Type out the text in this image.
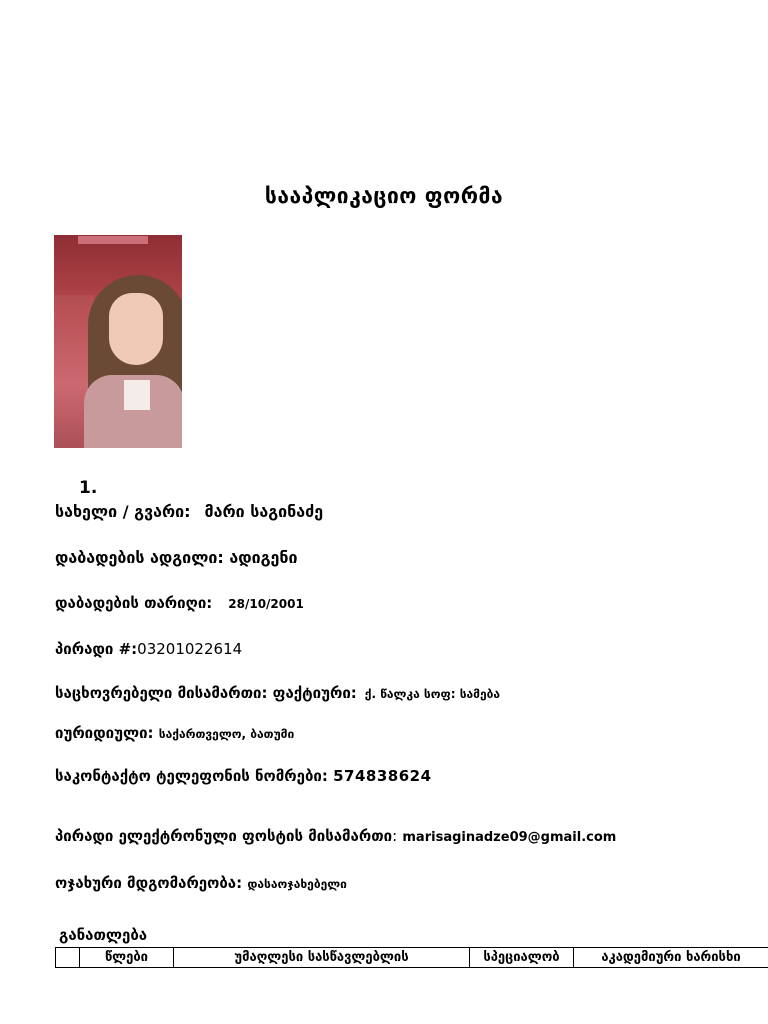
სააპლიკაციო ფორმა
1.
სახელი / გვარი: მარი საგინაძე
დაბადების ადგილი: ადიგენი
დაბადების თარიღი: 28/10/2001
პირადი #:03201022614
საცხოვრებელი მისამართი: ფაქტიური: ქ. წალკა სოფ: სამება
იურიდიული: საქართველო, ბათუმი
საკონტაქტო ტელეფონის ნომრები: 574838624
პირადი ელექტრონული ფოსტის მისამართი: marisaginadze09@gmail.com
ოჯახური მდგომარეობა: დასაოჯახებელი
განათლება
	წლები	უმაღლესი სასწავლებლის	სპეციალობ	აკადემიური ხარისხი
